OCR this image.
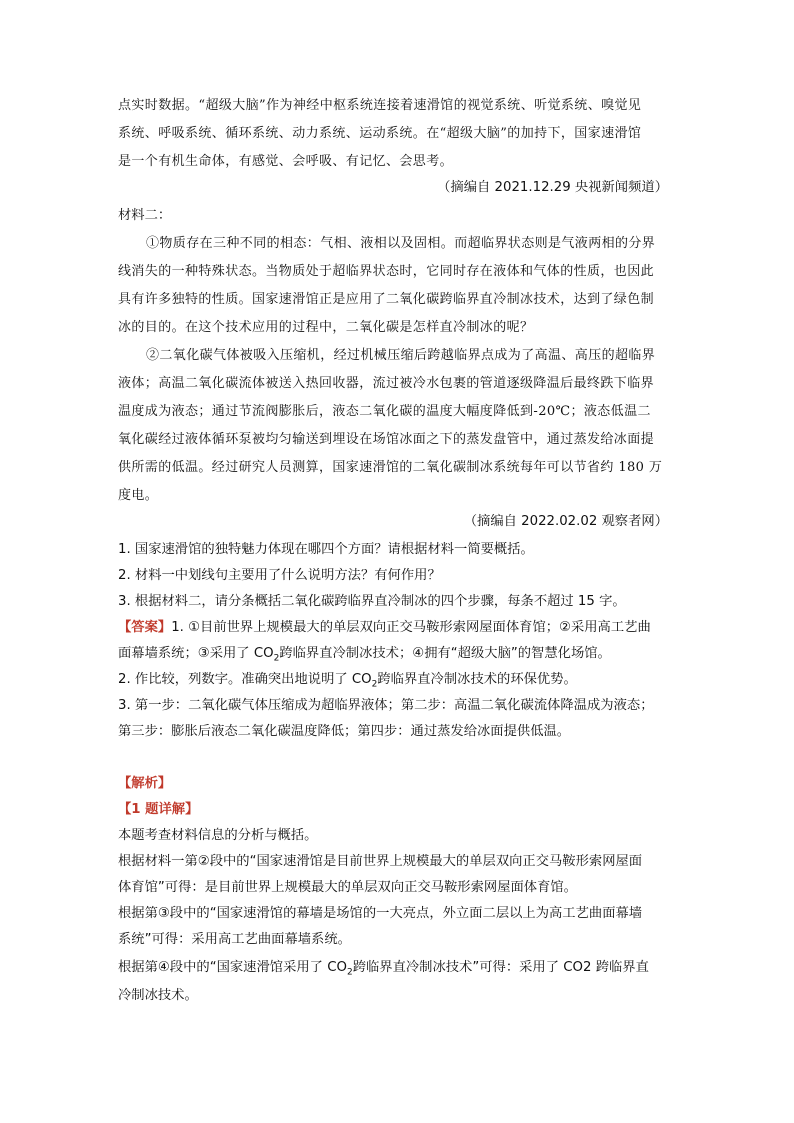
点实时数据。“超级大脑”作为神经中枢系统连接着速滑馆的视觉系统、听觉系统、嗅觉见
系统、呼吸系统、循环系统、动力系统、运动系统。在“超级大脑”的加持下，国家速滑馆
是一个有机生命体，有感觉、会呼吸、有记忆、会思考。
（摘编自 2021.12.29 央视新闻频道）
材料二：
①物质存在三种不同的相态：气相、液相以及固相。而超临界状态则是气液两相的分界
线消失的一种特殊状态。当物质处于超临界状态时，它同时存在液体和气体的性质，也因此
具有许多独特的性质。国家速滑馆正是应用了二氧化碳跨临界直冷制冰技术，达到了绿色制
冰的目的。在这个技术应用的过程中，二氧化碳是怎样直冷制冰的呢？
②二氧化碳气体被吸入压缩机，经过机械压缩后跨越临界点成为了高温、高压的超临界
液体；高温二氧化碳流体被送入热回收器，流过被冷水包裹的管道逐级降温后最终跌下临界
温度成为液态；通过节流阀膨胀后，液态二氧化碳的温度大幅度降低到-20℃；液态低温二
氧化碳经过液体循环泵被均匀输送到埋设在场馆冰面之下的蒸发盘管中，通过蒸发给冰面提
供所需的低温。经过研究人员测算，国家速滑馆的二氧化碳制冰系统每年可以节省约 180 万
度电。
（摘编自 2022.02.02 观察者网）
1. 国家速滑馆的独特魅力体现在哪四个方面？请根据材料一简要概括。
2. 材料一中划线句主要用了什么说明方法？有何作用？
3. 根据材料二，请分条概括二氧化碳跨临界直冷制冰的四个步骤，每条不超过 15 字。
【答案】1. ①目前世界上规模最大的单层双向正交马鞍形索网屋面体育馆；②采用高工艺曲
面幕墙系统；③采用了 $CO_2$跨临界直冷制冰技术；④拥有“超级大脑”的智慧化场馆。
2. 作比较，列数字。准确突出地说明了 $CO_2$跨临界直冷制冰技术的环保优势。
3. 第一步：二氧化碳气体压缩成为超临界液体；第二步：高温二氧化碳流体降温成为液态；
第三步：膨胀后液态二氧化碳温度降低；第四步：通过蒸发给冰面提供低温。
【解析】
【1 题详解】
本题考查材料信息的分析与概括。
根据材料一第②段中的“国家速滑馆是目前世界上规模最大的单层双向正交马鞍形索网屋面
体育馆”可得：是目前世界上规模最大的单层双向正交马鞍形索网屋面体育馆。
根据第③段中的“国家速滑馆的幕墙是场馆的一大亮点，外立面二层以上为高工艺曲面幕墙
系统”可得：采用高工艺曲面幕墙系统。
根据第④段中的“国家速滑馆采用了 $CO_2$跨临界直冷制冰技术”可得：采用了 CO2 跨临界直
冷制冰技术。
